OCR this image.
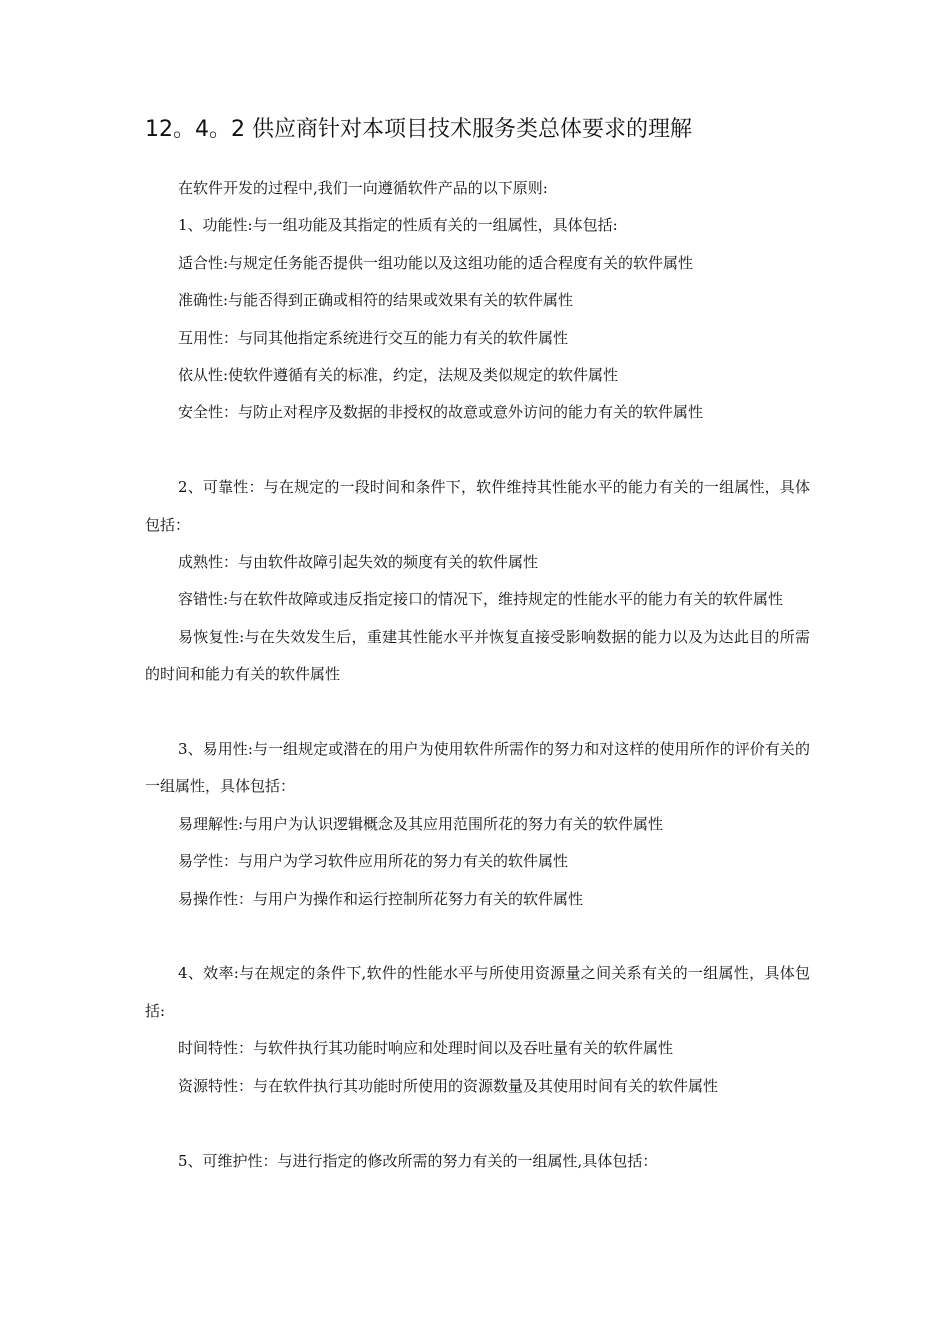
12。4。2 供应商针对本项目技术服务类总体要求的理解

在软件开发的过程中,我们一向遵循软件产品的以下原则:

1、功能性:与一组功能及其指定的性质有关的一组属性，具体包括:

适合性:与规定任务能否提供一组功能以及这组功能的适合程度有关的软件属性

准确性:与能否得到正确或相符的结果或效果有关的软件属性

互用性：与同其他指定系统进行交互的能力有关的软件属性

依从性:使软件遵循有关的标准，约定，法规及类似规定的软件属性

安全性：与防止对程序及数据的非授权的故意或意外访问的能力有关的软件属性

2、可靠性：与在规定的一段时间和条件下，软件维持其性能水平的能力有关的一组属性，具体包括：

成熟性：与由软件故障引起失效的频度有关的软件属性

容错性:与在软件故障或违反指定接口的情况下，维持规定的性能水平的能力有关的软件属性

易恢复性:与在失效发生后，重建其性能水平并恢复直接受影响数据的能力以及为达此目的所需的时间和能力有关的软件属性

3、易用性:与一组规定或潜在的用户为使用软件所需作的努力和对这样的使用所作的评价有关的一组属性，具体包括：

易理解性:与用户为认识逻辑概念及其应用范围所花的努力有关的软件属性

易学性：与用户为学习软件应用所花的努力有关的软件属性

易操作性：与用户为操作和运行控制所花努力有关的软件属性

4、效率:与在规定的条件下,软件的性能水平与所使用资源量之间关系有关的一组属性，具体包括:

时间特性：与软件执行其功能时响应和处理时间以及吞吐量有关的软件属性

资源特性：与在软件执行其功能时所使用的资源数量及其使用时间有关的软件属性

5、可维护性：与进行指定的修改所需的努力有关的一组属性,具体包括：
